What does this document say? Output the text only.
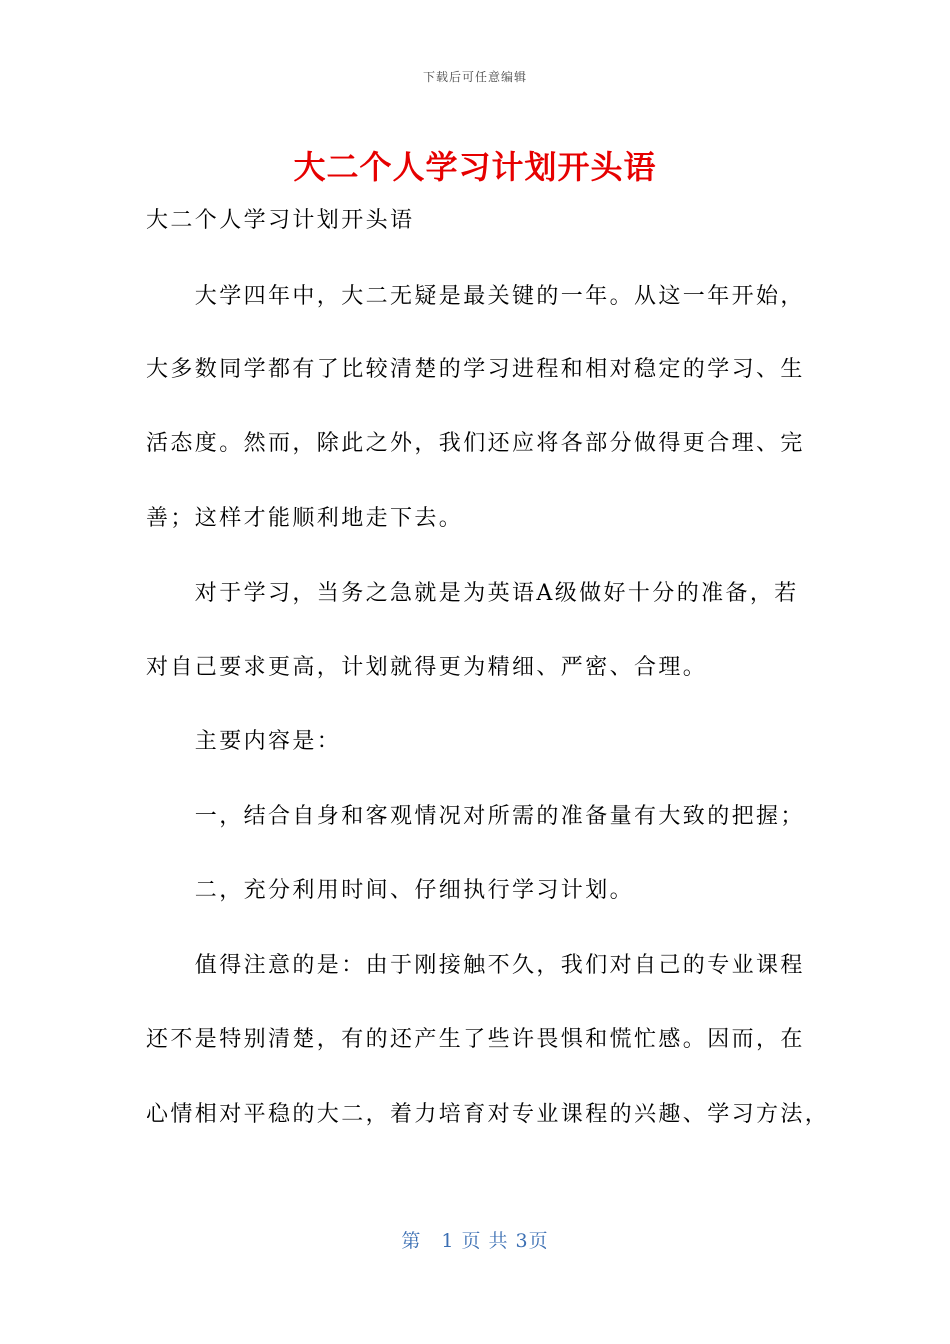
下载后可任意编辑
大二个人学习计划开头语
大二个人学习计划开头语
　　大学四年中，大二无疑是最关键的一年。从这一年开始，
大多数同学都有了比较清楚的学习进程和相对稳定的学习、生
活态度。然而，除此之外，我们还应将各部分做得更合理、完
善；这样才能顺利地走下去。
　　对于学习，当务之急就是为英语A级做好十分的准备，若
对自己要求更高，计划就得更为精细、严密、合理。
　　主要内容是：
　　一，结合自身和客观情况对所需的准备量有大致的把握；
　　二，充分利用时间、仔细执行学习计划。
　　值得注意的是：由于刚接触不久，我们对自己的专业课程
还不是特别清楚，有的还产生了些许畏惧和慌忙感。因而，在
心情相对平稳的大二，着力培育对专业课程的兴趣、学习方法，
第　1 页 共 3页
